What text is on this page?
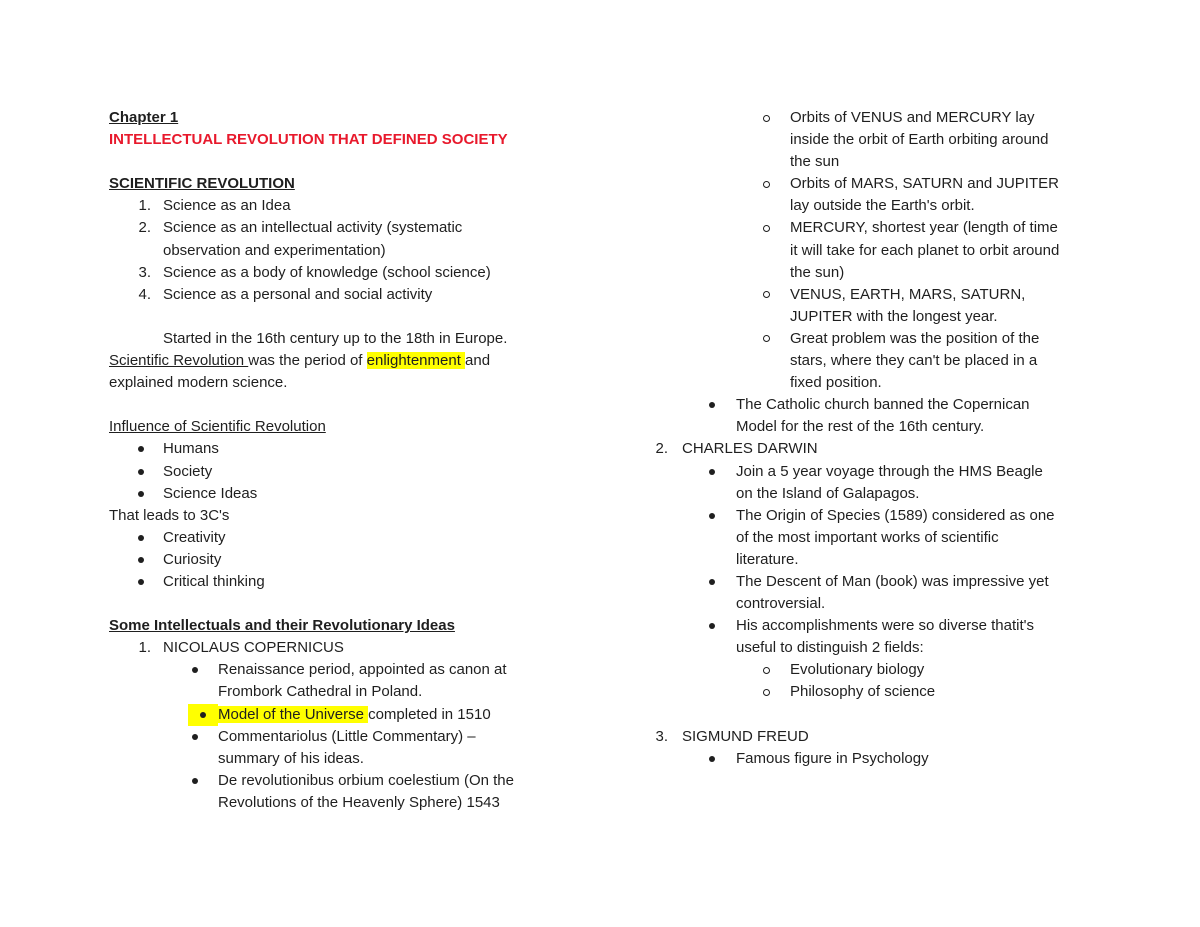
Chapter 1
INTELLECTUAL REVOLUTION THAT DEFINED SOCIETY
SCIENTIFIC REVOLUTION
1. Science as an Idea
2. Science as an intellectual activity (systematic
observation and experimentation)
3. Science as a body of knowledge (school science)
4. Science as a personal and social activity
Started in the 16th century up to the 18th in Europe.
Scientific Revolution was the period of enlightenment and
explained modern science.
Influence of Scientific Revolution
Humans
Society
Science Ideas
That leads to 3C's
Creativity
Curiosity
Critical thinking
Some Intellectuals and their Revolutionary Ideas
1. NICOLAUS COPERNICUS
Renaissance period, appointed as canon at
Frombork Cathedral in Poland.
Model of the Universe completed in 1510
Commentariolus (Little Commentary) –
summary of his ideas.
De revolutionibus orbium coelestium (On the
Revolutions of the Heavenly Sphere) 1543
Orbits of VENUS and MERCURY lay
inside the orbit of Earth orbiting around
the sun
Orbits of MARS, SATURN and JUPITER
lay outside the Earth's orbit.
MERCURY, shortest year (length of time
it will take for each planet to orbit around
the sun)
VENUS, EARTH, MARS, SATURN,
JUPITER with the longest year.
Great problem was the position of the
stars, where they can't be placed in a
fixed position.
The Catholic church banned the Copernican
Model for the rest of the 16th century.
2. CHARLES DARWIN
Join a 5 year voyage through the HMS Beagle
on the Island of Galapagos.
The Origin of Species (1589) considered as one
of the most important works of scientific
literature.
The Descent of Man (book) was impressive yet
controversial.
His accomplishments were so diverse thatit's
useful to distinguish 2 fields:
Evolutionary biology
Philosophy of science
3. SIGMUND FREUD
Famous figure in Psychology
